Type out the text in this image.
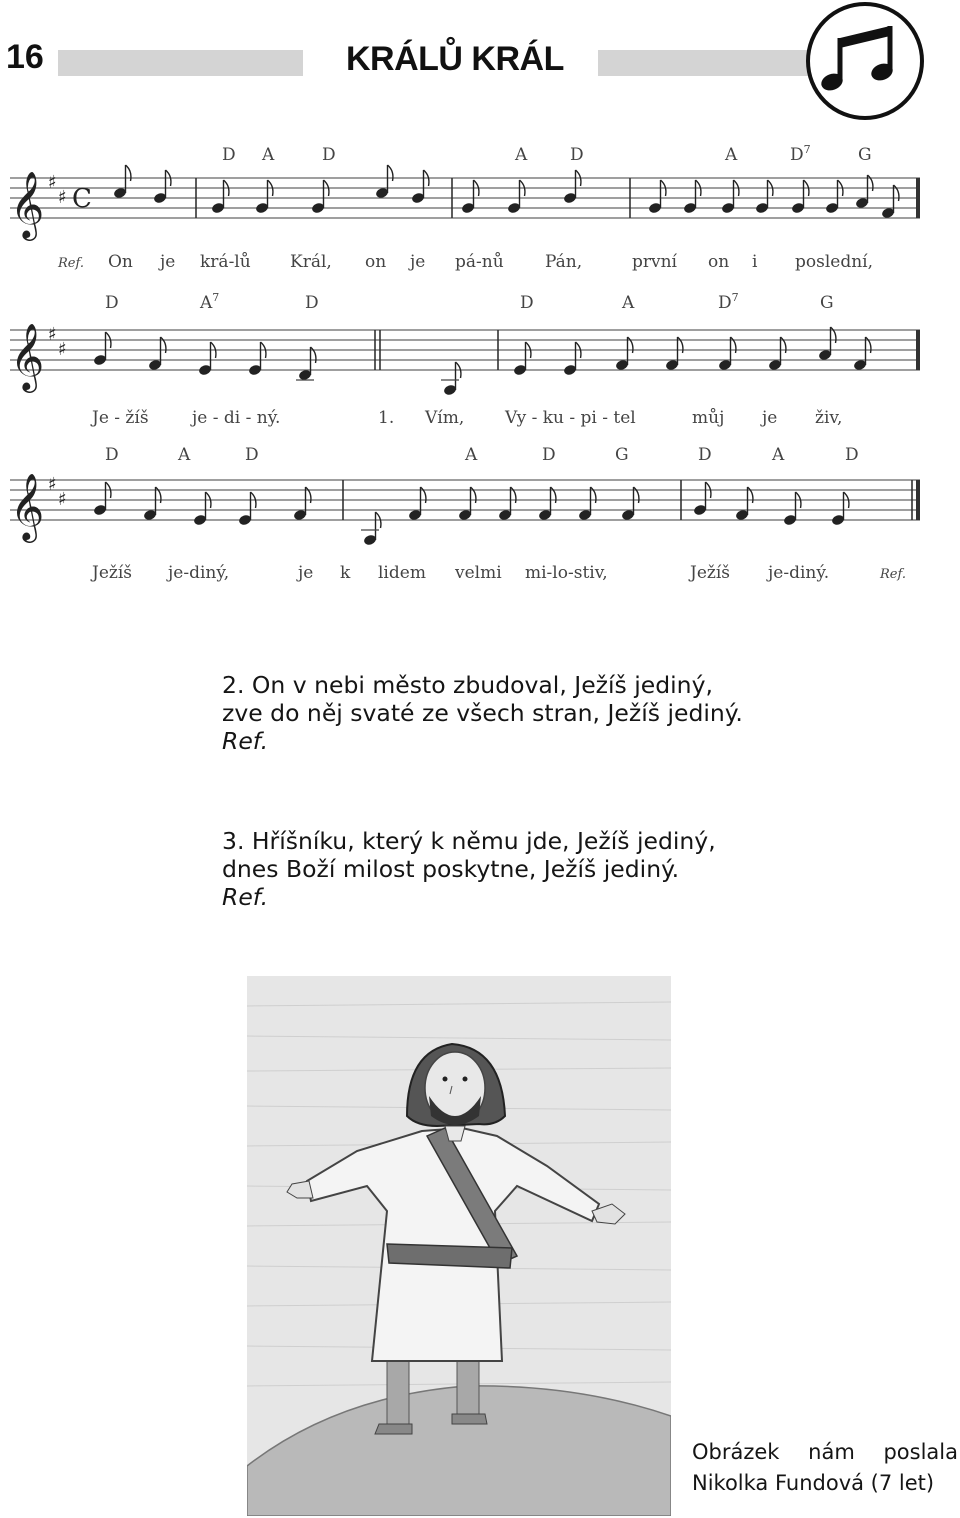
16	KRÁLŮ KRÁL
𝄞 ♯
♯ C
𝄞 ♯
♯
𝄞 ♯
♯
D A	D	A	D	A	$D^7$	G
D	$A^7$	D	D	A	$D^7$	G
D	A	D	A	D	G	D	A	D
Ref. On je krá-lů Král, on je pá-nů Pán,	první on i poslední,
Je - žíš	je - di - ný.	1. Vím, Vy - ku - pi - tel	můj je živ,
Ježíš je-diný,	je k lidem velmi mi-lo-stiv,	Ježíš je-diný.	Ref.
2. On v nebi město zbudoval, Ježíš jediný,
zve do něj svaté ze všech stran, Ježíš jediný.
Ref.
3. Hříšníku, který k němu jde, Ježíš jediný,
dnes Boží milost poskytne, Ježíš jediný.
Ref.
Obrázek nám poslala
Nikolka Fundová (7 let)
